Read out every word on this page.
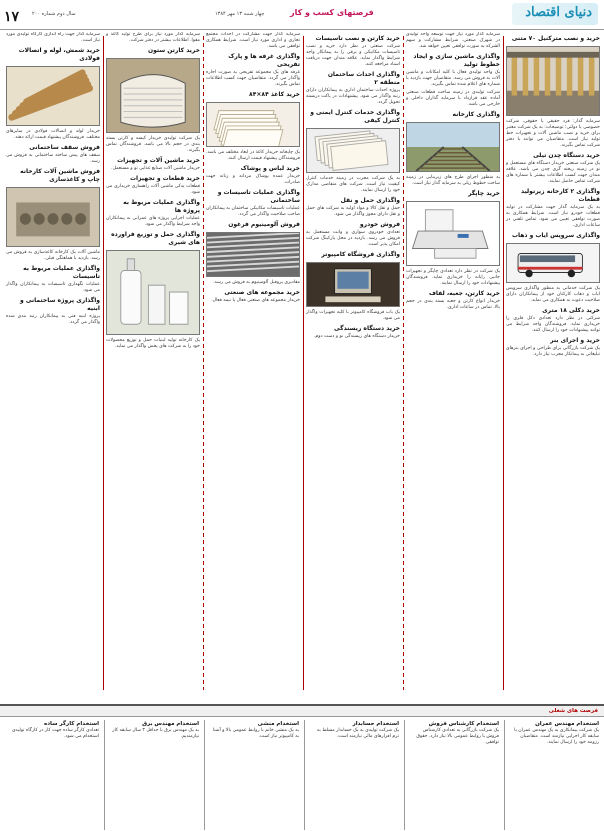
۱۷	سال دوم شماره ۲۰۰	چهار شنبه ۱۳ مهر ۱۳۸۴	فرصتهای کسب و کار	دنیای اقتصاد
خرید و نصب مترکنیل ۷۰ متنی
سرمایه گذار: فرد حقیقی یا حقوقی، شرکت خصوصی یا دولتی؛ توضیحات: به یک شرکت معتبر برای خرید و نصب ماشین آلات و تجهیزات خط تولید نیاز است. متقاضیان می توانند با دفتر شرکت تماس بگیرند.
خرید دستگاه چدن تیلی
یک شرکت صنعتی خریدار دستگاه های مستعمل و نو در زمینه ریخته گری چدن می باشد. علاقه مندان جهت کسب اطلاعات بیشتر با شماره های شرکت تماس حاصل نمایند.
واگذاری ۲ کارخانه زیرتولید قطعات
به یک سرمایه گذار جهت مشارکت در تولید قطعات خودرو نیاز است. شرایط همکاری به صورت توافقی تعیین می شود. تماس تلفنی در ساعات اداری.
واگذاری سرویس ایاب و ذهاب
یک شرکت خدماتی به منظور واگذاری سرویس ایاب و ذهاب کارکنان خود از پیمانکاران دارای صلاحیت دعوت به همکاری می نماید.
خرید دکلی ۱۸ متری
شرکتی در نظر دارد تعدادی دکل فلزی را خریداری نماید. فروشندگان واجد شرایط می توانند پیشنهادات خود را ارسال کنند.
خرید و اجرای بنر
یک شرکت بازرگانی برای طراحی و اجرای بنرهای تبلیغاتی به پیمانکار مجرب نیاز دارد.
سرمایه گذار مورد نیاز جهت توسعه واحد تولیدی در شهرک صنعتی. شرایط مشارکت و سهم الشرکه به صورت توافقی تعیین خواهد شد.
واگذاری ماشین سازی و ایجاد خطوط تولید
یک واحد تولیدی فعال با کلیه امکانات و ماشین آلات به فروش می رسد. متقاضیان جهت بازدید با شماره های اعلام شده تماس بگیرند.
شرکت تولیدی در زمینه ساخت قطعات صنعتی آماده عقد قرارداد با سرمایه گذاران داخلی و خارجی می باشد.
واگذاری کارخانه
به منظور اجرای طرح های زیربنایی در زمینه ساخت خطوط ریلی به سرمایه گذار نیاز است.
خرید چاپگر
یک شرکت در نظر دارد تعدادی چاپگر و تجهیزات جانبی رایانه را خریداری نماید. فروشندگان پیشنهادات خود را ارسال نمایند.
خرید کارتن، جعبه، لفاف
خریدار انواع کارتن و جعبه بسته بندی در حجم بالا. تماس در ساعات اداری.
خرید کارتن و نصب تاسیسات
شرکت صنعتی در نظر دارد خرید و نصب تاسیسات مکانیکی و برقی را به پیمانکار واجد شرایط واگذار نماید. علاقه مندان جهت دریافت اسناد مراجعه کنند.
واگذاری احداث ساختمان منطقه ۲
پروژه احداث ساختمان اداری به پیمانکاران دارای رتبه واگذار می شود. پیشنهادات در پاکت دربسته تحویل گردد.
واگذاری خدمات کنترل ایمنی و کنترل کیفی
به یک شرکت مجرب در زمینه خدمات کنترل کیفیت نیاز است. شرکت های متقاضی مدارک خود را ارسال نمایند.
واگذاری حمل و نقل
حمل و نقل کالا و مواد اولیه به شرکت های حمل و نقل دارای مجوز واگذار می شود.
فروش خودرو
تعدادی خودروی سواری و وانت مستعمل به فروش می رسد. بازدید در محل پارکینگ شرکت امکان پذیر است.
واگذاری فروشگاه کامپیوتر
یک باب فروشگاه کامپیوتر با کلیه تجهیزات واگذار می شود.
خرید دستگاه ریسندگی
خریدار دستگاه های ریسندگی نو و دست دوم.
سرمایه گذار جهت مشارکت در احداث مجتمع تجاری و اداری مورد نیاز است. شرایط همکاری توافقی می باشد.
واگذاری غرفه ها و پارک تفریحی
غرفه های یک مجموعه تفریحی به صورت اجاره واگذار می گردد. متقاضیان جهت کسب اطلاعات تماس بگیرند.
خرید کاغذ ۸۴×۸۴
یک چاپخانه خریدار کاغذ در ابعاد مختلف می باشد. فروشندگان پیشنهاد قیمت ارسال کنند.
خرید لباس و پوشاک
خریدار عمده پوشاک مردانه و زنانه جهت صادرات.
واگذاری عملیات تاسیسات و ساختمانی
عملیات تاسیسات مکانیکی ساختمان به پیمانکاران صاحب صلاحیت واگذار می گردد.
فروش آلومینیوم فرغون
مقادیری پروفیل آلومینیوم به فروش می رسد.
خرید مجموعه های صنعتی
خریدار مجموعه های صنعتی فعال یا نیمه فعال.
سرمایه گذار مورد نیاز برای طرح تولید کاغذ و مقوا. اطلاعات بیشتر در دفتر شرکت.
خرید کارتن ستون
یک شرکت تولیدی خریدار کیسه و کارتن بسته بندی در حجم بالا می باشد. فروشندگان تماس بگیرند.
خرید ماشین آلات و تجهیزات
خریدار ماشین آلات صنایع غذایی نو و مستعمل.
خرید قطعات و تجهیزات
قطعات یدکی ماشین آلات راهسازی خریداری می شود.
واگذاری عملیات مربوط به پروژه ها
عملیات اجرایی پروژه های عمرانی به پیمانکاران واجد شرایط واگذار می شود.
واگذاری حمل و توزیع فراورده های شیری
یک کارخانه تولید لبنیات حمل و توزیع محصولات خود را به شرکت های پخش واگذار می نماید.
سرمایه گذار جهت راه اندازی کارگاه تولیدی مورد نیاز است.
خرید شمش، لوله و اتصالات فولادی
خریدار لوله و اتصالات فولادی در سایزهای مختلف. فروشندگان پیشنهاد قیمت ارائه دهند.
فروش سقف ساختمانی
سقف های پیش ساخته ساختمانی به فروش می رسد.
فروش ماشین آلات کارخانه چاپ و کاغذسازی
ماشین آلات یک کارخانه کاغذسازی به فروش می رسد. بازدید با هماهنگی قبلی.
واگذاری عملیات مربوط به تاسیسات
عملیات نگهداری تاسیسات به پیمانکاران واگذار می شود.
واگذاری پروژه ساختمانی و ابنیه
پروژه ابنیه فنی به پیمانکاران رتبه بندی شده واگذار می گردد.
فرصت های شغلی
استخدام مهندس عمران
یک شرکت پیمانکاری به یک مهندس عمران با سابقه کار اجرایی نیازمند است. متقاضیان رزومه خود را ارسال نمایند.
استخدام کارشناس فروش
یک شرکت بازرگانی به تعدادی کارشناس فروش با روابط عمومی بالا نیاز دارد. حقوق توافقی.
استخدام حسابدار
یک شرکت تولیدی به یک حسابدار مسلط به نرم افزارهای مالی نیازمند است.
استخدام منشی
به یک منشی خانم با روابط عمومی بالا و آشنا به کامپیوتر نیاز است.
استخدام مهندس برق
به یک مهندس برق با حداقل ۳ سال سابقه کار نیازمندیم.
استخدام کارگر ساده
تعدادی کارگر ساده جهت کار در کارگاه تولیدی استخدام می شود.
